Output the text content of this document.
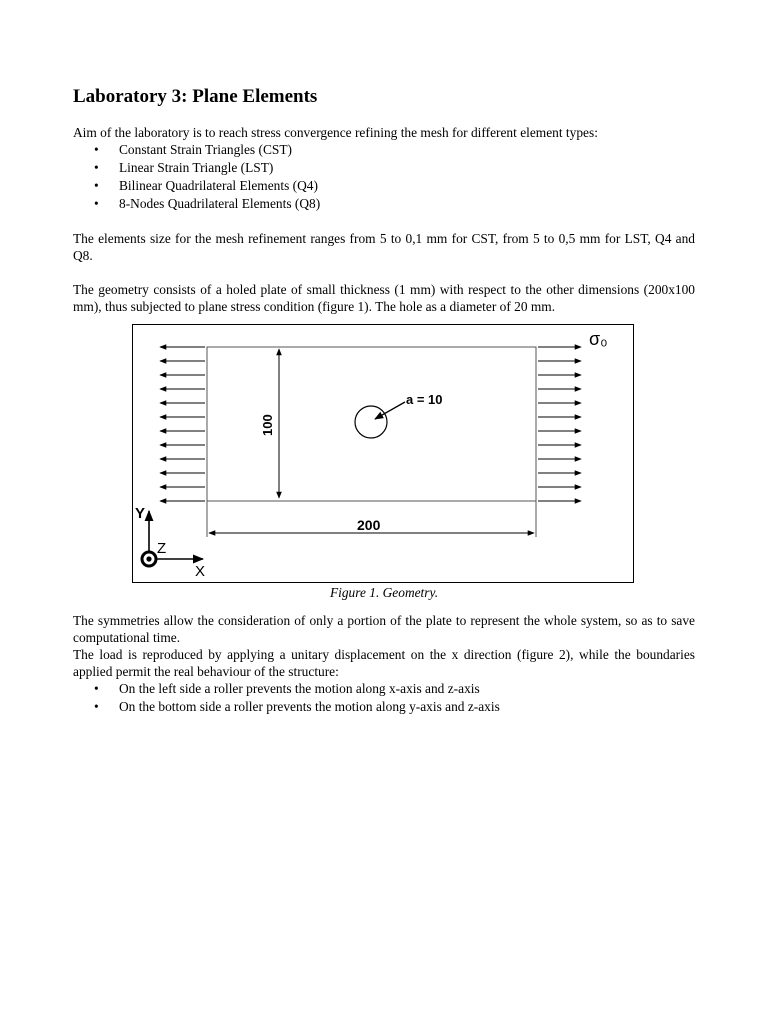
Laboratory 3: Plane Elements

Aim of the laboratory is to reach stress convergence refining the mesh for different element types:

• Constant Strain Triangles (CST)
• Linear Strain Triangle (LST)
• Bilinear Quadrilateral Elements (Q4)
• 8-Nodes Quadrilateral Elements (Q8)

The elements size for the mesh refinement ranges from 5 to 0,1 mm for CST, from 5 to 0,5 mm for LST, Q4 and Q8.

The geometry consists of a holed plate of small thickness (1 mm) with respect to the other dimensions (200x100 mm), thus subjected to plane stress condition (figure 1). The hole as a diameter of 20 mm.

σ₀
a = 10
100
200
Y
Z
X
Figure 1. Geometry.

The symmetries allow the consideration of only a portion of the plate to represent the whole system, so as to save computational time.

The load is reproduced by applying a unitary displacement on the x direction (figure 2), while the boundaries applied permit the real behaviour of the structure:

• On the left side a roller prevents the motion along x-axis and z-axis
• On the bottom side a roller prevents the motion along y-axis and z-axis
